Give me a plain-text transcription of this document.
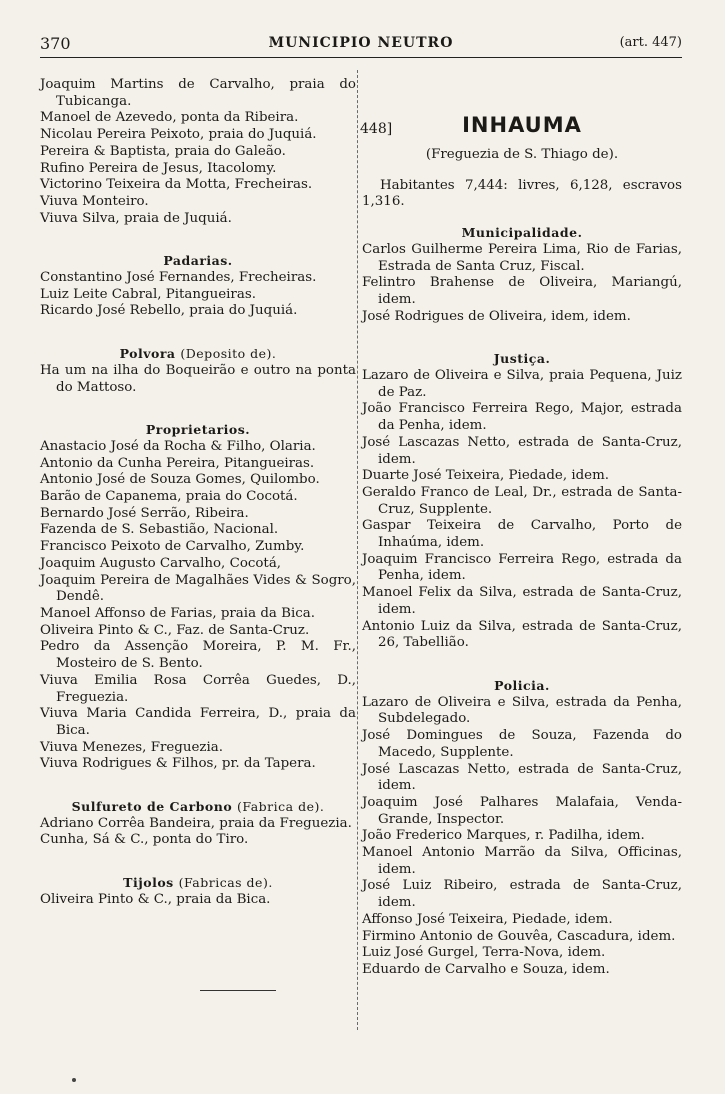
370	MUNICIPIO NEUTRO	(art. 447)
Joaquim Martins de Carvalho, praia do Tubicanga.
Manoel de Azevedo, ponta da Ribeira.
Nicolau Pereira Peixoto, praia do Juquiá.
Pereira & Baptista, praia do Galeão.
Rufino Pereira de Jesus, Itacolomy.
Victorino Teixeira da Motta, Frecheiras.
Viuva Monteiro.
Viuva Silva, praia de Juquiá.
Padarias.
Constantino José Fernandes, Frecheiras.
Luiz Leite Cabral, Pitangueiras.
Ricardo José Rebello, praia do Juquiá.
Polvora (Deposito de).
Ha um na ilha do Boqueirão e outro na ponta do Mattoso.
Proprietarios.
Anastacio José da Rocha & Filho, Olaria.
Antonio da Cunha Pereira, Pitangueiras.
Antonio José de Souza Gomes, Quilombo.
Barão de Capanema, praia do Cocotá.
Bernardo José Serrão, Ribeira.
Fazenda de S. Sebastião, Nacional.
Francisco Peixoto de Carvalho, Zumby.
Joaquim Augusto Carvalho, Cocotá,
Joaquim Pereira de Magalhães Vides & Sogro, Dendê.
Manoel Affonso de Farias, praia da Bica.
Oliveira Pinto & C., Faz. de Santa-Cruz.
Pedro da Assenção Moreira, P. M. Fr., Mosteiro de S. Bento.
Viuva Emilia Rosa Corrêa Guedes, D., Freguezia.
Viuva Maria Candida Ferreira, D., praia da Bica.
Viuva Menezes, Freguezia.
Viuva Rodrigues & Filhos, pr. da Tapera.
Sulfureto de Carbono (Fabrica de).
Adriano Corrêa Bandeira, praia da Freguezia.
Cunha, Sá & C., ponta do Tiro.
Tijolos (Fabricas de).
Oliveira Pinto & C., praia da Bica.
448]	INHAUMA
(Freguezia de S. Thiago de).
Habitantes 7,444: livres, 6,128, escravos 1,316.
Municipalidade.
Carlos Guilherme Pereira Lima, Rio de Farias, Estrada de Santa Cruz, Fiscal.
Felintro Brahense de Oliveira, Mariangú, idem.
José Rodrigues de Oliveira, idem, idem.
Justiça.
Lazaro de Oliveira e Silva, praia Pequena, Juiz de Paz.
João Francisco Ferreira Rego, Major, estrada da Penha, idem.
José Lascazas Netto, estrada de Santa-Cruz, idem.
Duarte José Teixeira, Piedade, idem.
Geraldo Franco de Leal, Dr., estrada de Santa-Cruz, Supplente.
Gaspar Teixeira de Carvalho, Porto de Inhaúma, idem.
Joaquim Francisco Ferreira Rego, estrada da Penha, idem.
Manoel Felix da Silva, estrada de Santa-Cruz, idem.
Antonio Luiz da Silva, estrada de Santa-Cruz, 26, Tabellião.
Policia.
Lazaro de Oliveira e Silva, estrada da Penha, Subdelegado.
José Domingues de Souza, Fazenda do Macedo, Supplente.
José Lascazas Netto, estrada de Santa-Cruz, idem.
Joaquim José Palhares Malafaia, Venda-Grande, Inspector.
João Frederico Marques, r. Padilha, idem.
Manoel Antonio Marrão da Silva, Officinas, idem.
José Luiz Ribeiro, estrada de Santa-Cruz, idem.
Affonso José Teixeira, Piedade, idem.
Firmino Antonio de Gouvêa, Cascadura, idem.
Luiz José Gurgel, Terra-Nova, idem.
Eduardo de Carvalho e Souza, idem.
